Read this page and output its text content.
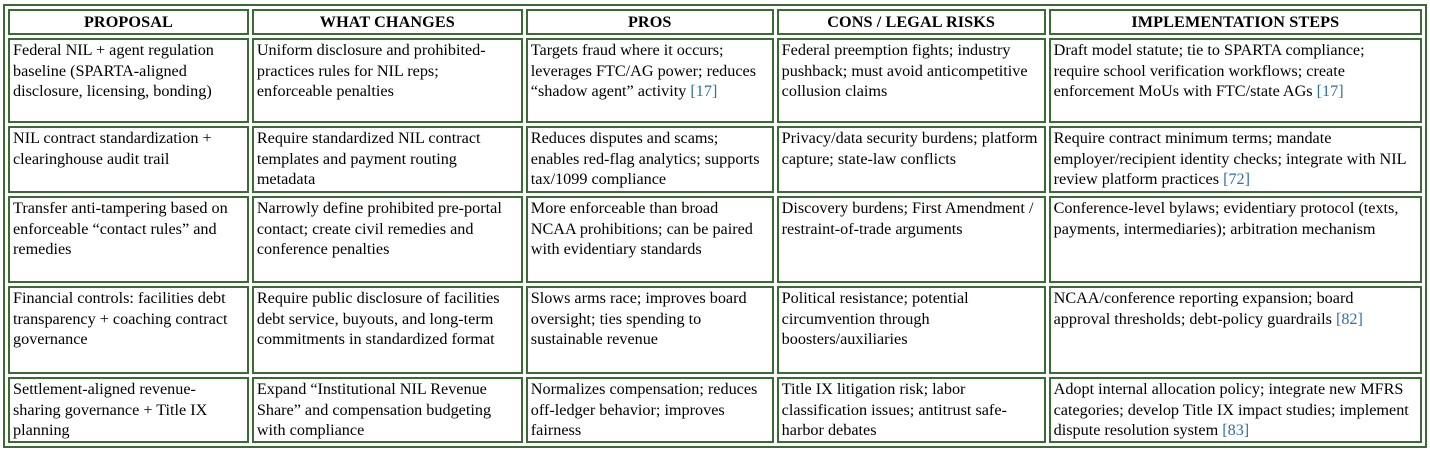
PROPOSAL	WHAT CHANGES	PROS	CONS / LEGAL RISKS	IMPLEMENTATION STEPS
Federal NIL + agent regulation baseline (SPARTA-aligned disclosure, licensing, bonding)	Uniform disclosure and prohibited-practices rules for NIL reps; enforceable penalties	Targets fraud where it occurs; leverages FTC/AG power; reduces “shadow agent” activity [17]	Federal preemption fights; industry pushback; must avoid anticompetitive collusion claims	Draft model statute; tie to SPARTA compliance; require school verification workflows; create enforcement MoUs with FTC/state AGs [17]
NIL contract standardization + clearinghouse audit trail	Require standardized NIL contract templates and payment routing metadata	Reduces disputes and scams; enables red-flag analytics; supports tax/1099 compliance	Privacy/data security burdens; platform capture; state-law conflicts	Require contract minimum terms; mandate employer/recipient identity checks; integrate with NIL review platform practices [72]
Transfer anti-tampering based on enforceable “contact rules” and remedies	Narrowly define prohibited pre-portal contact; create civil remedies and conference penalties	More enforceable than broad NCAA prohibitions; can be paired with evidentiary standards	Discovery burdens; First Amendment / restraint-of-trade arguments	Conference-level bylaws; evidentiary protocol (texts, payments, intermediaries); arbitration mechanism
Financial controls: facilities debt transparency + coaching contract governance	Require public disclosure of facilities debt service, buyouts, and long-term commitments in standardized format	Slows arms race; improves board oversight; ties spending to sustainable revenue	Political resistance; potential circumvention through boosters/auxiliaries	NCAA/conference reporting expansion; board approval thresholds; debt-policy guardrails [82]
Settlement-aligned revenue-sharing governance + Title IX planning	Expand “Institutional NIL Revenue Share” and compensation budgeting with compliance	Normalizes compensation; reduces off-ledger behavior; improves fairness	Title IX litigation risk; labor classification issues; antitrust safe-harbor debates	Adopt internal allocation policy; integrate new MFRS categories; develop Title IX impact studies; implement dispute resolution system [83]
